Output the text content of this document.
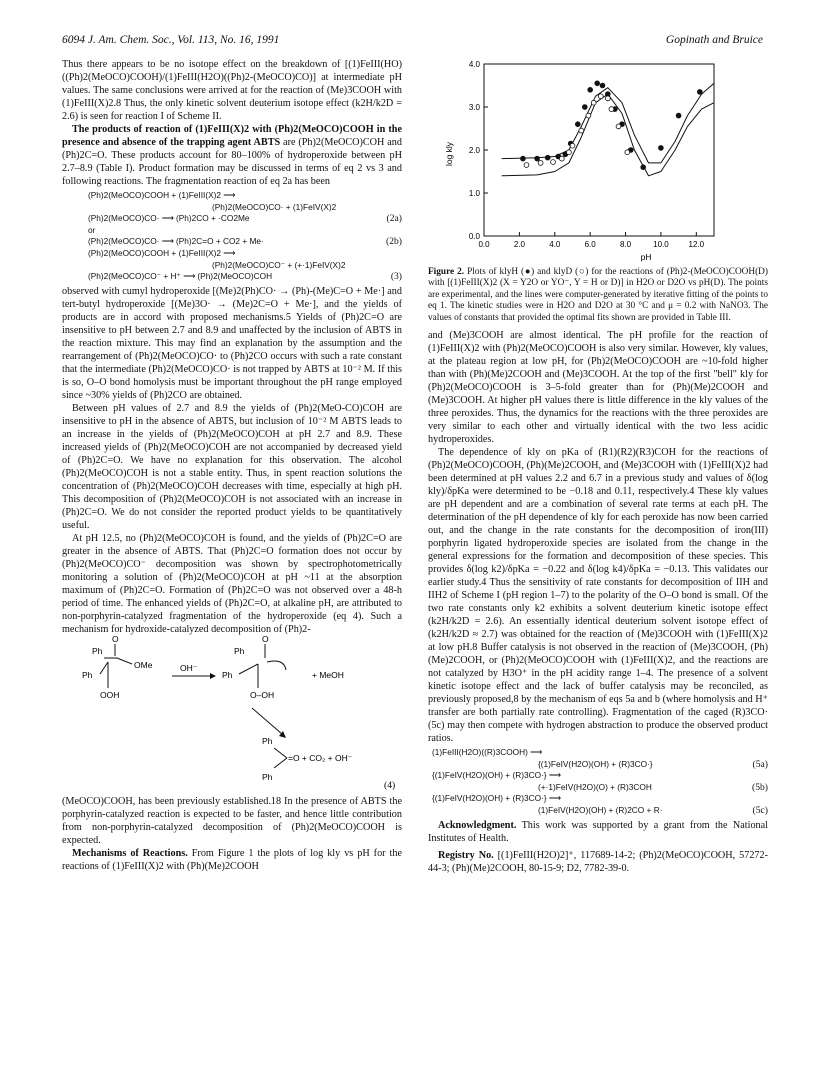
6094 J. Am. Chem. Soc., Vol. 113, No. 16, 1991	Gopinath and Bruice

Thus there appears to be no isotope effect on the breakdown of [(1)FeIII(HO)((Ph)2(MeOCO)COOH)/(1)FeIII(H2O)((Ph)2-(MeOCO)CO)] at intermediate pH values. The same conclusions were arrived at for the reaction of (Me)3COOH with (1)FeIII(X)2.8 Thus, the only kinetic solvent deuterium isotope effect (k2H/k2D = 2.6) is seen for reaction I of Scheme II.

The products of reaction of (1)FeIII(X)2 with (Ph)2(MeOCO)COOH in the presence and absence of the trapping agent ABTS are (Ph)2(MeOCO)COH and (Ph)2C=O. These products account for 80–100% of hydroperoxide between pH 2.7–8.9 (Table I). Product formation may be discussed in terms of eq 2 vs 3 and following reactions. The fragmentation reaction of eq 2a has been

(Ph)2(MeOCO)COOH + (1)FeIII(X)2 ⟶
(Ph)2(MeOCO)CO· + (1)FeIV(X)2
(Ph)2(MeOCO)CO· ⟶ (Ph)2CO + ·CO2Me	(2a)
or
(Ph)2(MeOCO)CO· ⟶ (Ph)2C=O + CO2 + Me·	(2b)
(Ph)2(MeOCO)COOH + (1)FeIII(X)2 ⟶
(Ph)2(MeOCO)CO⁻ + (+·1)FeIV(X)2
(Ph)2(MeOCO)CO⁻ + H⁺ ⟶ (Ph)2(MeOCO)COH	(3)

observed with cumyl hydroperoxide [(Me)2(Ph)CO· → (Ph)-(Me)C=O + Me·] and tert-butyl hydroperoxide [(Me)3O· → (Me)2C=O + Me·], and the yields of products are in accord with proposed mechanisms.5 Yields of (Ph)2C=O are insensitive to pH between 2.7 and 8.9 and unaffected by the inclusion of ABTS in the reaction mixture. This may find an explanation by the assumption and the rearrangement of (Ph)2(MeOCO)CO· to (Ph)2CO occurs with such a rate constant that the intermediate (Ph)2(MeOCO)CO· is not trapped by ABTS at 10⁻² M. If this is so, O–O bond homolysis must be important throughout the pH range employed since ~30% yields of (Ph)2CO are obtained.

Between pH values of 2.7 and 8.9 the yields of (Ph)2(MeO-CO)COH are insensitive to pH in the absence of ABTS, but inclusion of 10⁻² M ABTS leads to an increase in the yields of (Ph)2(MeOCO)COH at pH 2.7 and 8.9. These increased yields of (Ph)2(MeOCO)COH are not accompanied by decreased yield of (Ph)2C=O. We have no explanation for this observation. The alcohol (Ph)2(MeOCO)COH is not a stable entity. Thus, in spent reaction solutions the concentration of (Ph)2(MeOCO)COH decreases with time, especially at high pH. This decomposition of (Ph)2(MeOCO)COH is not associated with an increase in (Ph)2C=O. We do not consider the reported product yields to be quantitatively useful.

At pH 12.5, no (Ph)2(MeOCO)COH is found, and the yields of (Ph)2C=O are greater in the absence of ABTS. That (Ph)2C=O formation does not occur by (Ph)2(MeOCO)CO⁻ decomposition was shown by spectrophotometrically monitoring a solution of (Ph)2(MeOCO)COH at pH ~11 at the absorption maximum of (Ph)2C=O. Formation of (Ph)2C=O was not observed over a 48-h period of time. The enhanced yields of (Ph)2C=O, at alkaline pH, are attributed to non-porphyrin-catalyzed fragmentation of the hydroperoxide (eq 4). Such a mechanism for hydroxide-catalyzed decomposition of (Ph)2-

Ph
O
OMe
Ph
OOH
OH⁻
Ph
O
Ph
O–OH
+ MeOH
Ph
Ph
=O + CO₂ + OH⁻
(4)

(MeOCO)COOH, has been previously established.18 In the presence of ABTS the porphyrin-catalyzed reaction is expected to be faster, and hence little contribution from non-porphyrin-catalyzed decomposition of (Ph)2(MeOCO)COOH is expected.

Mechanisms of Reactions. From Figure 1 the plots of log kly vs pH for the reactions of (1)FeIII(X)2 with (Ph)(Me)2COOH

4.0
3.0
2.0
1.0
0.0
0.0	2.0	4.0	6.0	8.0	10.0 12.0
pH
log kly
Figure 2. Plots of klyH (●) and klyD (○) for the reactions of (Ph)2-(MeOCO)COOH(D) with [(1)FeIII(X)2 (X = Y2O or YO⁻, Y = H or D)] in H2O or D2O vs pH(D). The points are experimental, and the lines were computer-generated by iterative fitting of the points to eq 1. The kinetic studies were in H2O and D2O at 30 °C and μ = 0.2 with NaNO3. The values of constants that provided the optimal fits shown are provided in Table III.

and (Me)3COOH are almost identical. The pH profile for the reaction of (1)FeIII(X)2 with (Ph)2(MeOCO)COOH is also very similar. However, kly values, at the plateau region at low pH, for (Ph)2(MeOCO)COOH are ~10-fold higher than with (Ph)(Me)2COOH and (Me)3COOH. At the top of the first "bell" kly for (Ph)2(MeOCO)COOH is 3–5-fold greater than for (Ph)(Me)2COOH and (Me)3COOH. At higher pH values there is little difference in the kly values of the three peroxides. Thus, the dynamics for the reactions with the three peroxides are very similar to each other and virtually identical with the two less acidic hydroperoxides.

The dependence of kly on pKa of (R1)(R2)(R3)COH for the reactions of (Ph)2(MeOCO)COOH, (Ph)(Me)2COOH, and (Me)3COOH with (1)FeIII(X)2 had been determined at pH values 2.2 and 6.7 in a previous study and values of δ(log kly)/δpKa were determined to be −0.18 and 0.11, respectively.4 These kly values are pH dependent and are a combination of several rate terms at each pH. The determination of the pH dependence of kly for each peroxide has now been carried out, and the change in the rate constants for the decomposition of iron(III) porphyrin ligated hydroperoxide species are isolated from the change in the general expressions for the formation and decomposition of these species. This provides δ(log k2)/δpKa = −0.22 and δ(log k4)/δpKa = −0.13. This validates our earlier study.4 Thus the sensitivity of rate constants for decomposition of IIH and IIH2 of Scheme I (pH region 1–7) to the polarity of the O–O bond is small. Of the two rate constants only k2 exhibits a solvent deuterium kinetic isotope effect (k2H/k2D = 2.6). An essentially identical deuterium solvent isotope effect of (k2H/k2D ≈ 2.7) was obtained for the reaction of (Me)3COOH with (1)FeIII(X)2 at low pH.8 Buffer catalysis is not observed in the reaction of (Me)3COOH, (Ph)(Me)2COOH, or (Ph)2(MeOCO)COOH with (1)FeIII(X)2, and the reactions are not catalyzed by H3O⁺ in the pH acidity range 1–4. The presence of a solvent kinetic isotope effect and the lack of buffer catalysis may be reconciled, as previously proposed,8 by the mechanism of eqs 5a and b (where homolysis and H⁺ transfer are both partially rate controlling). Fragmentation of the caged (R)3CO· (5c) may then compete with hydrogen abstraction to produce the observed product ratios.

(1)FeIII(H2O)((R)3COOH) ⟶
{(1)FeIV(H2O)(OH) + (R)3CO·}	(5a)
{(1)FeIV(H2O)(OH) + (R)3CO·} ⟶
(+·1)FeIV(H2O)(O) + (R)3COH	(5b)
{(1)FeIV(H2O)(OH) + (R)3CO·} ⟶
(1)FeIV(H2O)(OH) + (R)2CO + R·	(5c)

Acknowledgment. This work was supported by a grant from the National Institutes of Health.

Registry No. [(1)FeIII(H2O)2]⁺, 117689-14-2; (Ph)2(MeOCO)COOH, 57272-44-3; (Ph)(Me)2COOH, 80-15-9; D2, 7782-39-0.
